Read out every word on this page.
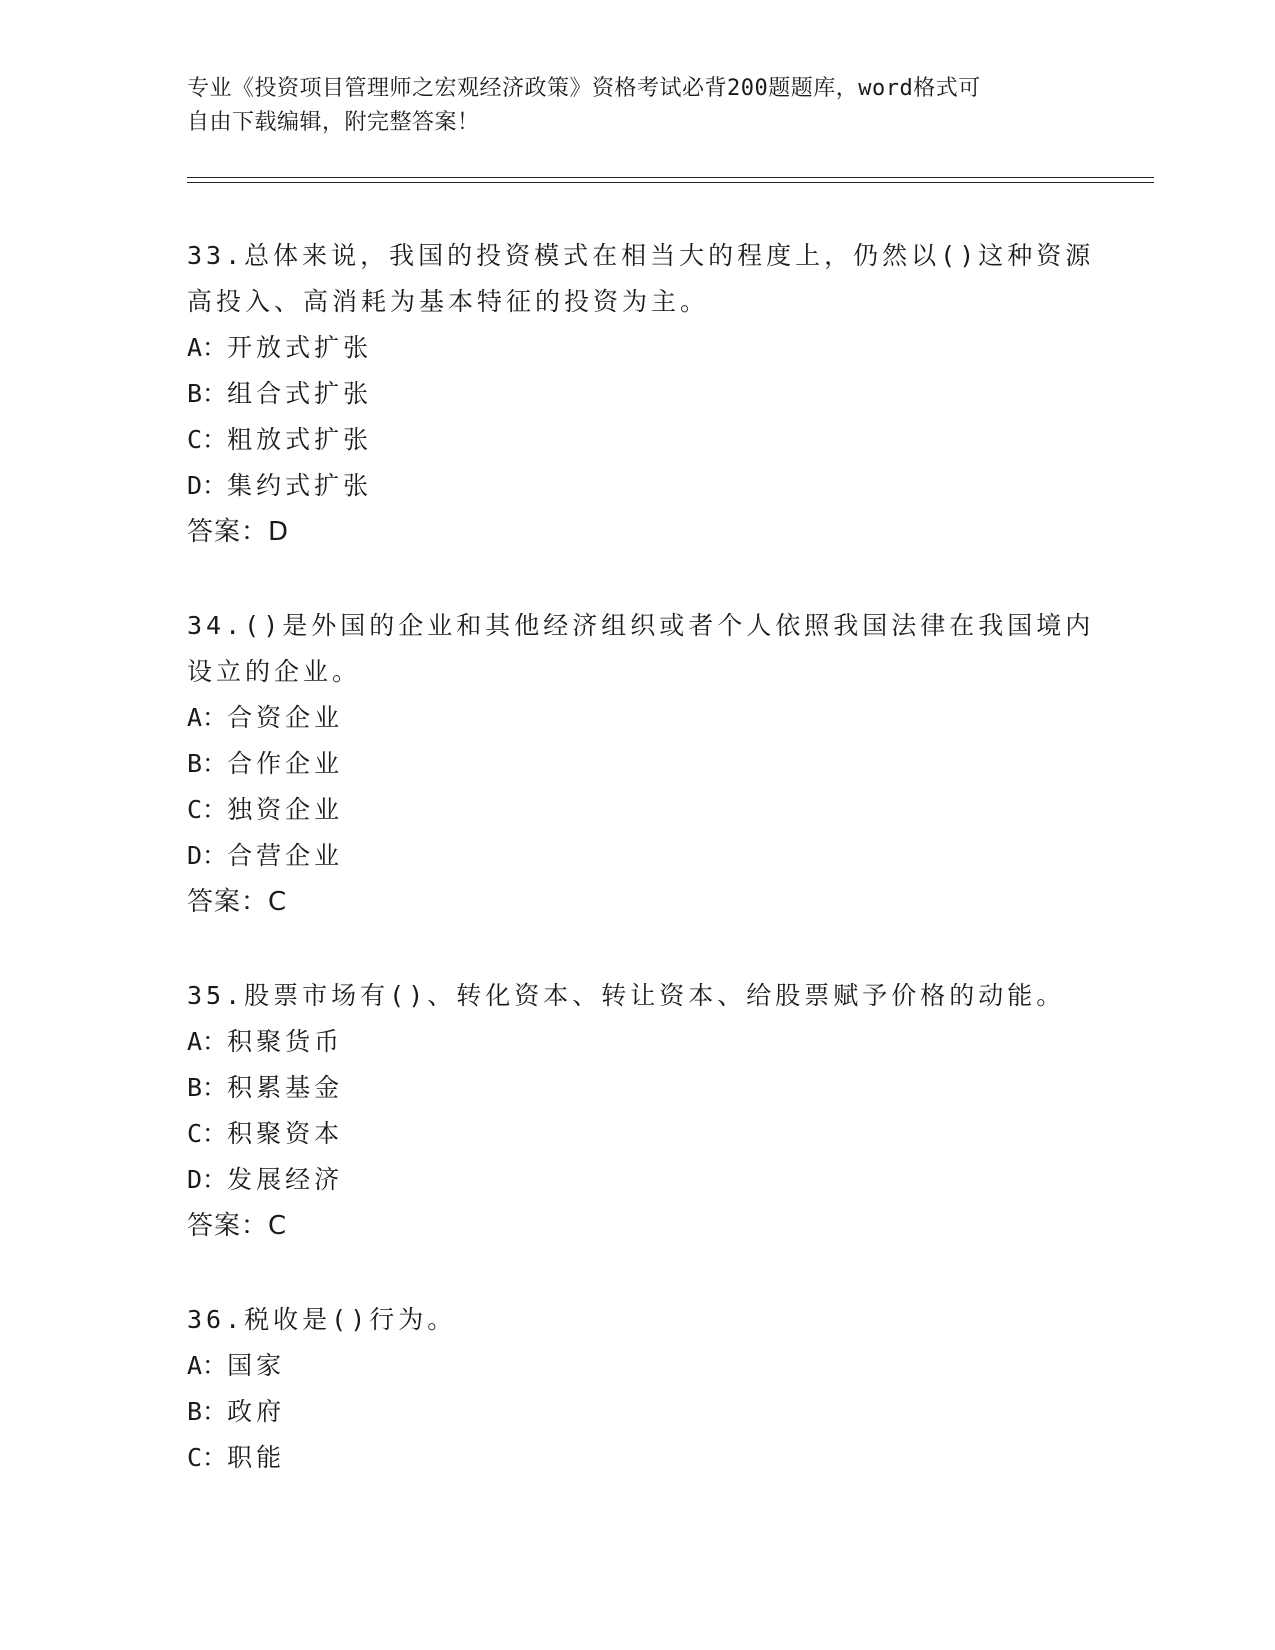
专业《投资项目管理师之宏观经济政策》资格考试必背200题题库，word格式可
自由下载编辑，附完整答案！
33.总体来说，我国的投资模式在相当大的程度上，仍然以()这种资源
高投入、高消耗为基本特征的投资为主。
A：开放式扩张
B：组合式扩张
C：粗放式扩张
D：集约式扩张
答案：D
34.()是外国的企业和其他经济组织或者个人依照我国法律在我国境内
设立的企业。
A：合资企业
B：合作企业
C：独资企业
D：合营企业
答案：C
35.股票市场有()、转化资本、转让资本、给股票赋予价格的动能。
A：积聚货币
B：积累基金
C：积聚资本
D：发展经济
答案：C
36.税收是()行为。
A：国家
B：政府
C：职能
